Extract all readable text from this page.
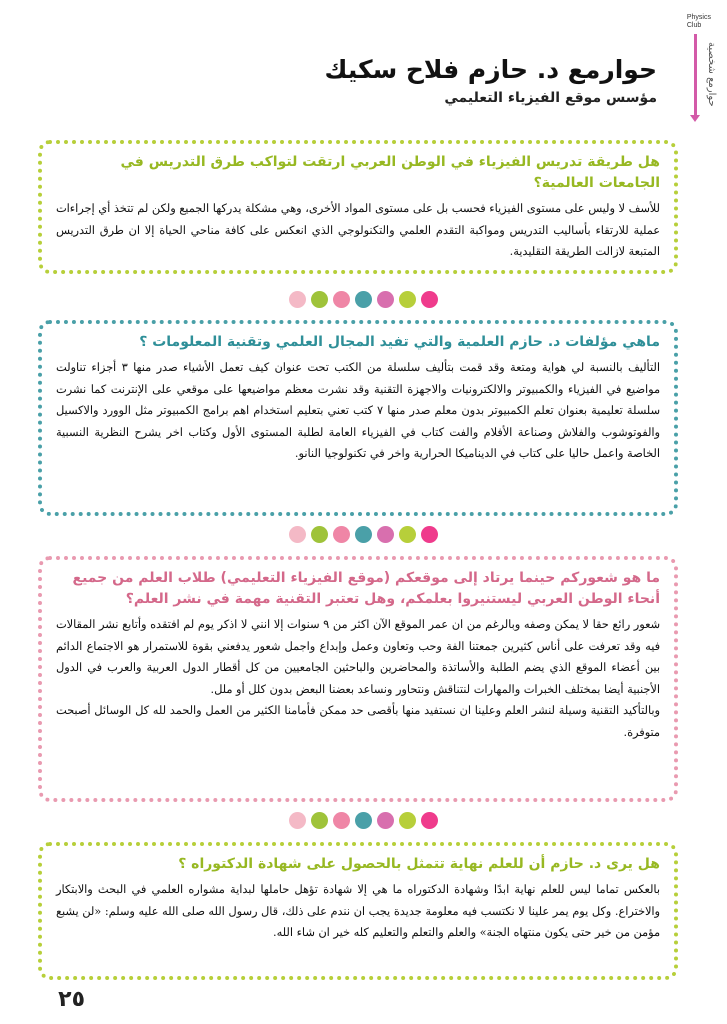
Physics
Club
حوارمع شخصية
حوارمع د. حازم فلاح سكيك
مؤسس موقع الفيزياء التعليمي

هل طريقة تدريس الفيزياء في الوطن العربي ارتقت لتواكب طرق التدريس في الجامعات العالمية؟

للأسف لا وليس على مستوى الفيزياء فحسب بل على مستوى المواد الأخرى، وهي مشكلة يدركها الجميع ولكن لم تتخذ أي إجراءات عملية للارتقاء بأساليب التدريس ومواكبة التقدم العلمي والتكنولوجي الذي انعكس على كافة مناحي الحياة إلا ان طرق التدريس المتبعة لازالت الطريقة التقليدية.

ماهي مؤلفات د. حازم العلمية والتي تفيد المجال العلمي وتقنية المعلومات ؟

التأليف بالنسبة لي هواية ومتعة وقد قمت بتأليف سلسلة من الكتب تحت عنوان كيف تعمل الأشياء صدر منها ٣ أجزاء تناولت مواضيع في الفيزياء والكمبيوتر والالكترونيات والاجهزة التقنية وقد نشرت معظم مواضيعها على موقعي على الإنترنت كما نشرت سلسلة تعليمية بعنوان تعلم الكمبيوتر بدون معلم صدر منها ٧ كتب تعني بتعليم استخدام اهم برامج الكمبيوتر مثل الوورد والاكسيل والفوتوشوب والفلاش وصناعة الأفلام والفت كتاب في الفيزياء العامة لطلبة المستوى الأول وكتاب اخر يشرح النظرية النسبية الخاصة واعمل حاليا على كتاب في الديناميكا الحرارية واخر في تكنولوجيا النانو.

ما هو شعوركم حينما يرتاد إلى موقعكم (موقع الفيزياء التعليمي) طلاب العلم من جميع أنحاء الوطن العربي ليستنيروا بعلمكم، وهل تعتبر التقنية مهمة في نشر العلم؟

شعور رائع حقا لا يمكن وصفه وبالرغم من ان عمر الموقع الآن اكثر من ٩ سنوات إلا انني لا اذكر يوم لم افتقده وأتابع نشر المقالات فيه وقد تعرفت على أناس كثيرين جمعتنا الفة وحب وتعاون وعمل وإبداع واجمل شعور يدفعني بقوة للاستمرار هو الاجتماع الدائم بين أعضاء الموقع الذي يضم الطلبة والأساتذة والمحاضرين والباحثين الجامعيين من كل أقطار الدول العربية والعرب في الدول الأجنبية أيضا بمختلف الخبرات والمهارات لنتناقش ونتحاور ونساعد بعضنا البعض بدون كلل أو ملل.

وبالتأكيد التقنية وسيلة لنشر العلم وعلينا ان نستفيد منها بأقصى حد ممكن فأمامنا الكثير من العمل والحمد لله كل الوسائل أصبحت متوفرة.

هل يرى د. حازم أن للعلم نهاية تتمثل بالحصول على شهادة الدكتوراه ؟

بالعكس تماما ليس للعلم نهاية ابدًا وشهادة الدكتوراه ما هي إلا شهادة تؤهل حاملها لبداية مشواره العلمي في البحث والابتكار والاختراع. وكل يوم يمر علينا لا نكتسب فيه معلومة جديدة يجب ان نندم على ذلك، قال رسول الله صلى الله عليه وسلم: «لن يشبع مؤمن من خير حتى يكون منتهاه الجنة» والعلم والتعلم والتعليم كله خير ان شاء الله.

٢٥
